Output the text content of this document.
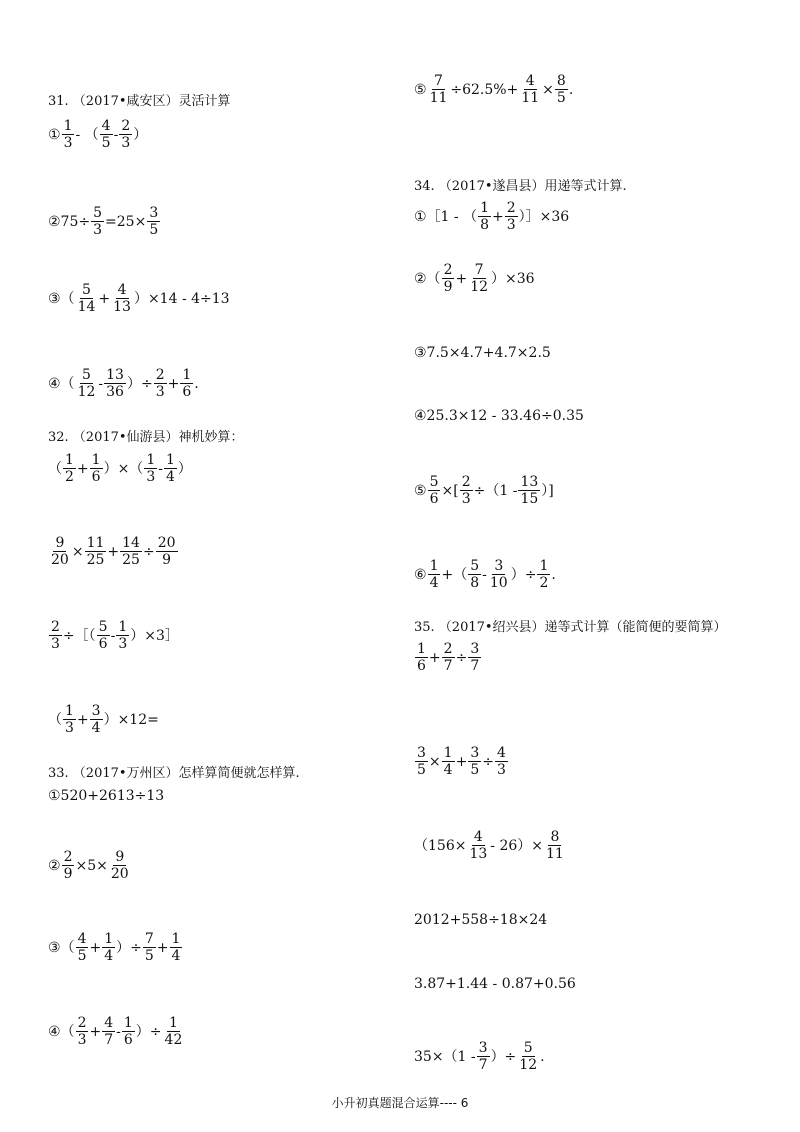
31. （2017•咸安区）灵活计算
① $\frac{1}{3}$ - （ $\frac{4}{5} - \frac{2}{3}$ ）
②75÷ $\frac{5}{3} =25\times \frac{3}{5}$
③（ $\frac{5}{14} + \frac{4}{13} )\times 14 - 4\div 13$
④（ $\frac{5}{12} - \frac{13}{36}$ ）÷ $\frac{2}{3} + \frac{1}{6}$ .
32. （2017•仙游县）神机妙算：
（ $\frac{1}{2} + \frac{1}{6}$ ）×（ $\frac{1}{3} - \frac{1}{4}$ ）
$\frac{9}{20} \times \frac{11}{25} + \frac{14}{25} \div \frac{20}{9}$
$\frac{2}{3}$ ÷［（ $\frac{5}{6} - \frac{1}{3}$ ）×3］
（ $\frac{1}{3} + \frac{3}{4} )\times 12=$
33. （2017•万州区）怎样算简便就怎样算.
①520+2613÷13
② $\frac{2}{9} \times 5\times \frac{9}{20}$
③（ $\frac{4}{5} + \frac{1}{4}$ ）÷ $\frac{7}{5} + \frac{1}{4}$
④（ $\frac{2}{3} + \frac{4}{7} - \frac{1}{6}$ ）÷ $\frac{1}{42}$
⑤ $\frac{7}{11} \div 62.5\%+ \frac{4}{11} \times \frac{8}{5}$ .
34. （2017•遂昌县）用递等式计算.
①［1 - （ $\frac{1}{8} + \frac{2}{3}$ ）］×36
②（ $\frac{2}{9} + \frac{7}{12} )\times 36$
③7.5×4.7+4.7×2.5
④25.3×12 - 33.46÷0.35
⑤ $\frac{5}{6}$ ×[ $\frac{2}{3} \div(1 - \frac{13}{15}$ ）]
⑥ $\frac{1}{4}$ +（ $\frac{5}{8} - \frac{3}{10}$ ）÷ $\frac{1}{2}$ .
35. （2017•绍兴县）递等式计算（能简便的要简算）
$\frac{1}{6} + \frac{2}{7} \div \frac{3}{7}$
$\frac{3}{5} \times \frac{1}{4} + \frac{3}{5} \div \frac{4}{3}$
$(156\times \frac{4}{13} - 26)\times \frac{8}{11}$
2012+558÷18×24
3.87+1.44 - 0.87+0.56
$35\times(1 - \frac{3}{7}$ ）÷ $\frac{5}{12}$ .
小升初真题混合运算---- 6
